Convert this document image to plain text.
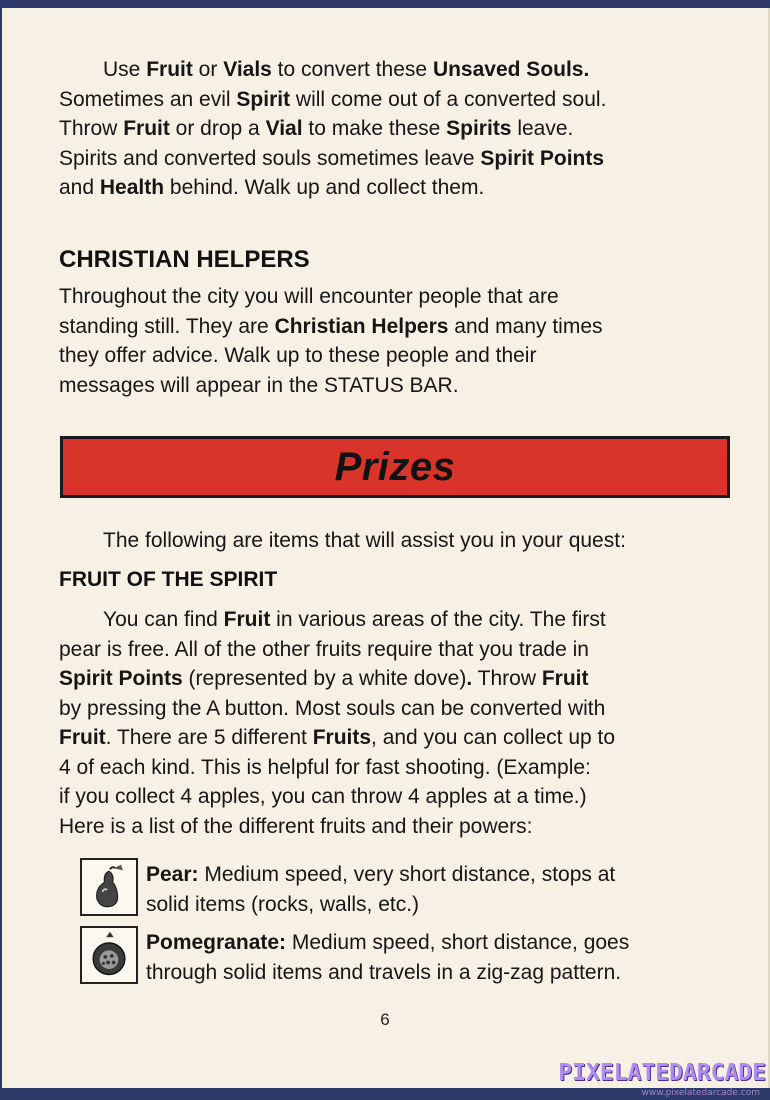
Use Fruit or Vials to convert these Unsaved Souls.
Sometimes an evil Spirit will come out of a converted soul.
Throw Fruit or drop a Vial to make these Spirits leave.
Spirits and converted souls sometimes leave Spirit Points
and Health behind. Walk up and collect them.
CHRISTIAN HELPERS
Throughout the city you will encounter people that are
standing still. They are Christian Helpers and many times
they offer advice. Walk up to these people and their
messages will appear in the STATUS BAR.
Prizes
The following are items that will assist you in your quest:
FRUIT OF THE SPIRIT
You can find Fruit in various areas of the city. The first
pear is free. All of the other fruits require that you trade in
Spirit Points (represented by a white dove). Throw Fruit
by pressing the A button. Most souls can be converted with
Fruit. There are 5 different Fruits, and you can collect up to
4 of each kind. This is helpful for fast shooting. (Example:
if you collect 4 apples, you can throw 4 apples at a time.)
Here is a list of the different fruits and their powers:
Pear: Medium speed, very short distance, stops at
solid items (rocks, walls, etc.)
Pomegranate: Medium speed, short distance, goes
through solid items and travels in a zig-zag pattern.
6
PIXELATEDARCADE
www.pixelatedarcade.com
